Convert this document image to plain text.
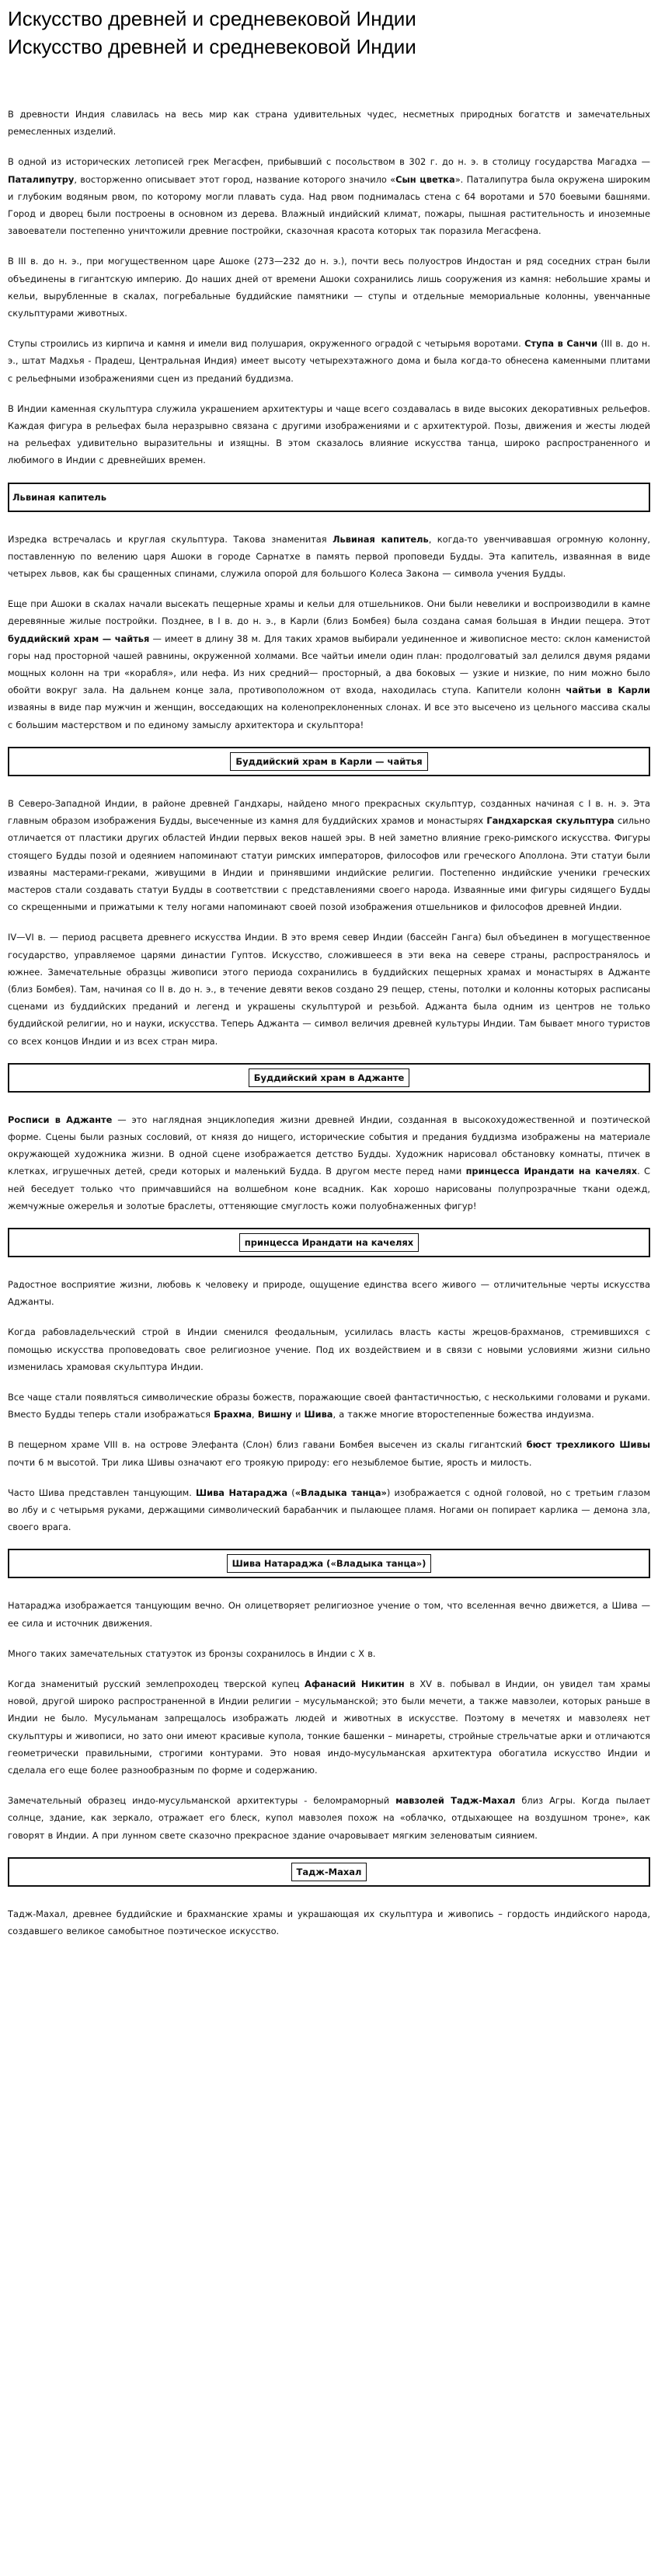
Искусство древней и средневековой Индии
Искусство древней и средневековой Индии

В древности Индия славилась на весь мир как страна удивительных чудес, несметных природных богатств и замечательных ремесленных изделий.

В одной из исторических летописей грек Мегасфен, прибывший с посольством в 302 г. до н. э. в столицу государства Магадха — Паталипутру, восторженно описывает этот город, название которого значило «Сын цветка». Паталипутра была окружена широким и глубоким водяным рвом, по которому могли плавать суда. Над рвом поднималась стена с 64 воротами и 570 боевыми башнями. Город и дворец были построены в основном из дерева. Влажный индийский климат, пожары, пышная растительность и иноземные завоеватели постепенно уничтожили древние постройки, сказочная красота которых так поразила Мегасфена.

В III в. до н. э., при могущественном царе Ашоке (273—232 до н. э.), почти весь полуостров Индостан и ряд соседних стран были объединены в гигантскую империю. До наших дней от времени Ашоки сохранились лишь сооружения из камня: небольшие храмы и кельи, вырубленные в скалах, погребальные буддийские памятники — ступы и отдельные мемориальные колонны, увенчанные скульптурами животных.

Ступы строились из кирпича и камня и имели вид полушария, окруженного оградой с четырьмя воротами. Ступа в Санчи (III в. до н. э., штат Мадхья - Прадеш, Центральная Индия) имеет высоту четырехэтажного дома и была когда-то обнесена каменными плитами с рельефными изображениями сцен из преданий буддизма.

В Индии каменная скульптура служила украшением архитектуры и чаще всего создавалась в виде высоких декоративных рельефов. Каждая фигура в рельефах была неразрывно связана с другими изображениями и с архитектурой. Позы, движения и жесты людей на рельефах удивительно выразительны и изящны. В этом сказалось влияние искусства танца, широко распространенного и любимого в Индии с древнейших времен.

Львиная капитель

Изредка встречалась и круглая скульптура. Такова знаменитая Львиная капитель, когда-то увенчивавшая огромную колонну, поставленную по велению царя Ашоки в городе Сарнатхе в память первой проповеди Будды. Эта капитель, изваянная в виде четырех львов, как бы сращенных спинами, служила опорой для большого Колеса Закона — символа учения Будды.

Еще при Ашоки в скалах начали высекать пещерные храмы и кельи для отшельников. Они были невелики и воспроизводили в камне деревянные жилые постройки. Позднее, в I в. до н. э., в Карли (близ Бомбея) была создана самая большая в Индии пещера. Этот буддийский храм — чайтья — имеет в длину 38 м. Для таких храмов выбирали уединенное и живописное место: склон каменистой горы над просторной чашей равнины, окруженной холмами. Все чайтьи имели один план: продолговатый зал делился двумя рядами мощных колонн на три «корабля», или нефа. Из них средний— просторный, а два боковых — узкие и низкие, по ним можно было обойти вокруг зала. На дальнем конце зала, противоположном от входа, находилась ступа. Капители колонн чайтьи в Карли изваяны в виде пар мужчин и женщин, восседающих на коленопреклоненных слонах. И все это высечено из цельного массива скалы с большим мастерством и по единому замыслу архитектора и скульптора!

Буддийский храм в Карли — чайтья

В Северо-Западной Индии, в районе древней Гандхары, найдено много прекрасных скульптур, созданных начиная с I в. н. э. Эта главным образом изображения Будды, высеченные из камня для буддийских храмов и монастырях Гандхарская скульптура сильно отличается от пластики других областей Индии первых веков нашей эры. В ней заметно влияние греко-римского искусства. Фигуры стоящего Будды позой и одеянием напоминают статуи римских императоров, философов или греческого Аполлона. Эти статуи были изваяны мастерами-греками, живущими в Индии и принявшими индийские религии. Постепенно индийские ученики греческих мастеров стали создавать статуи Будды в соответствии с представлениями своего народа. Изваянные ими фигуры сидящего Будды со скрещенными и прижатыми к телу ногами напоминают своей позой изображения отшельников и философов древней Индии.

IV—VI в. — период расцвета древнего искусства Индии. В это время север Индии (бассейн Ганга) был объединен в могущественное государство, управляемое царями династии Гуптов. Искусство, сложившееся в эти века на севере страны, распространялось и южнее. Замечательные образцы живописи этого периода сохранились в буддийских пещерных храмах и монастырях в Аджанте (близ Бомбея). Там, начиная со II в. до н. э., в течение девяти веков создано 29 пещер, стены, потолки и колонны которых расписаны сценами из буддийских преданий и легенд и украшены скульптурой и резьбой. Аджанта была одним из центров не только буддийской религии, но и науки, искусства. Теперь Аджанта — символ величия древней культуры Индии. Там бывает много туристов со всех концов Индии и из всех стран мира.

Буддийский храм в Аджанте

Росписи в Аджанте — это наглядная энциклопедия жизни древней Индии, созданная в высокохудожественной и поэтической форме. Сцены были разных сословий, от князя до нищего, исторические события и предания буддизма изображены на материале окружающей художника жизни. В одной сцене изображается детство Будды. Художник нарисовал обстановку комнаты, птичек в клетках, игрушечных детей, среди которых и маленький Будда. В другом месте перед нами принцесса Ирандати на качелях. С ней беседует только что примчавшийся на волшебном коне всадник. Как хорошо нарисованы полупрозрачные ткани одежд, жемчужные ожерелья и золотые браслеты, оттеняющие смуглость кожи полуобнаженных фигур!

принцесса Ирандати на качелях

Радостное восприятие жизни, любовь к человеку и природе, ощущение единства всего живого — отличительные черты искусства Аджанты.

Когда рабовладельческий строй в Индии сменился феодальным, усилилась власть касты жрецов-брахманов, стремившихся с помощью искусства проповедовать свое религиозное учение. Под их воздействием и в связи с новыми условиями жизни сильно изменилась храмовая скульптура Индии.

Все чаще стали появляться символические образы божеств, поражающие своей фантастичностью, с несколькими головами и руками. Вместо Будды теперь стали изображаться Брахма, Вишну и Шива, а также многие второстепенные божества индуизма.

В пещерном храме VIII в. на острове Элефанта (Слон) близ гавани Бомбея высечен из скалы гигантский бюст трехликого Шивы почти 6 м высотой. Три лика Шивы означают его троякую природу: его незыблемое бытие, ярость и милость.

Часто Шива представлен танцующим. Шива Натараджа («Владыка танца») изображается с одной головой, но с третьим глазом во лбу и с четырьмя руками, держащими символический барабанчик и пылающее пламя. Ногами он попирает карлика — демона зла, своего врага.

Шива Натараджа («Владыка танца»)

Натараджа изображается танцующим вечно. Он олицетворяет религиозное учение о том, что вселенная вечно движется, а Шива — ее сила и источник движения.

Много таких замечательных статуэток из бронзы сохранилось в Индии с X в.

Когда знаменитый русский землепроходец тверской купец Афанасий Никитин в XV в. побывал в Индии, он увидел там храмы новой, другой широко распространенной в Индии религии – мусульманской; это были мечети, а также мавзолеи, которых раньше в Индии не было. Мусульманам запрещалось изображать людей и животных в искусстве. Поэтому в мечетях и мавзолеях нет скульптуры и живописи, но зато они имеют красивые купола, тонкие башенки – минареты, стройные стрельчатые арки и отличаются геометрически правильными, строгими контурами. Это новая индо-мусульманская архитектура обогатила искусство Индии и сделала его еще более разнообразным по форме и содержанию.

Замечательный образец индо-мусульманской архитектуры - беломраморный мавзолей Тадж-Махал близ Агры. Когда пылает солнце, здание, как зеркало, отражает его блеск, купол мавзолея похож на «облачко, отдыхающее на воздушном троне», как говорят в Индии. А при лунном свете сказочно прекрасное здание очаровывает мягким зеленоватым сиянием.

Тадж-Махал

Тадж-Махал, древнее буддийские и брахманские храмы и украшающая их скульптура и живопись – гордость индийского народа, создавшего великое самобытное поэтическое искусство.
